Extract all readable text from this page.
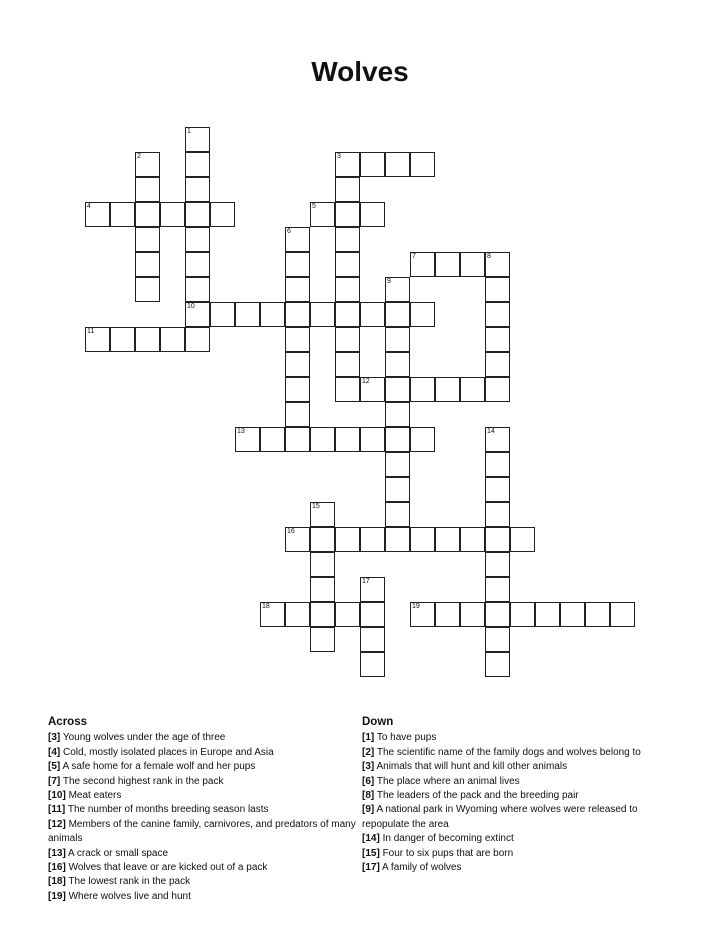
Wolves
1
10
2	3
4	5
6
7	8
9
11
12
13	14
15
16
17
18	19
Across
[3] Young wolves under the age of three
[4] Cold, mostly isolated places in Europe and Asia
[5] A safe home for a female wolf and her pups
[7] The second highest rank in the pack
[10] Meat eaters
[11] The number of months breeding season lasts
[12] Members of the canine family, carnivores, and predators of many animals
[13] A crack or small space
[16] Wolves that leave or are kicked out of a pack
[18] The lowest rank in the pack
[19] Where wolves live and hunt
Down
[1] To have pups
[2] The scientific name of the family dogs and wolves belong to
[3] Animals that will hunt and kill other animals
[6] The place where an animal lives
[8] The leaders of the pack and the breeding pair
[9] A national park in Wyoming where wolves were released to repopulate the area
[14] In danger of becoming extinct
[15] Four to six pups that are born
[17] A family of wolves
